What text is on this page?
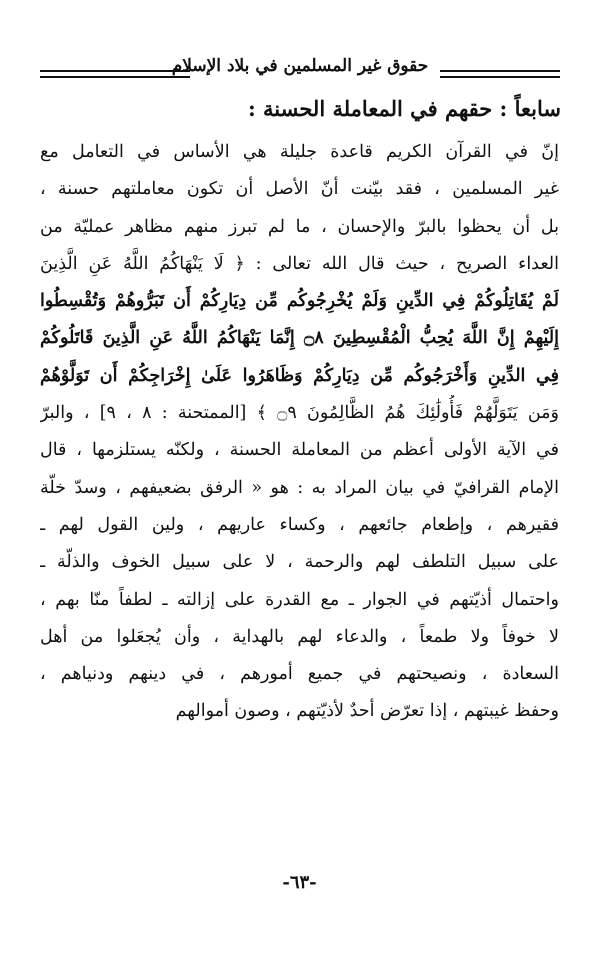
حقوق غير المسلمين في بلاد الإسلام
سابعاً : حقهم في المعاملة الحسنة :
إنّ في القرآن الكريم قاعدة جليلة هي الأساس في التعامل مع
غير المسلمين ، فقد بيّنت أنّ الأصل أن تكون معاملتهم حسنة ،
بل أن يحظوا بالبرّ والإحسان ، ما لم تبرز منهم مظاهر عمليّة من
العداء الصريح ، حيث قال الله تعالى : ﴿ لَا يَنْهَاكُمُ اللَّهُ عَنِ الَّذِينَ
لَمْ يُقَاتِلُوكُمْ فِي الدِّينِ وَلَمْ يُخْرِجُوكُم مِّن دِيَارِكُمْ أَن تَبَرُّوهُمْ وَتُقْسِطُوا
إِلَيْهِمْ إِنَّ اللَّهَ يُحِبُّ الْمُقْسِطِينَ ۝٨ إِنَّمَا يَنْهَاكُمُ اللَّهُ عَنِ الَّذِينَ قَاتَلُوكُمْ
فِي الدِّينِ وَأَخْرَجُوكُم مِّن دِيَارِكُمْ وَظَاهَرُوا عَلَىٰ إِخْرَاجِكُمْ أَن تَوَلَّوْهُمْ
وَمَن يَتَوَلَّهُمْ فَأُولَٰئِكَ هُمُ الظَّالِمُونَ ۝٩ ﴾ [الممتحنة : ٨ ، ٩] ، والبرّ
في الآية الأولى أعظم من المعاملة الحسنة ، ولكنّه يستلزمها ، قال
الإمام القرافيّ في بيان المراد به : هو « الرفق بضعيفهم ، وسدّ خلّة
فقيرهم ، وإطعام جائعهم ، وكساء عاريهم ، ولين القول لهم ـ
على سبيل التلطف لهم والرحمة ، لا على سبيل الخوف والذلّة ـ
واحتمال أذيّتهم في الجوار ـ مع القدرة على إزالته ـ لطفاً منّا بهم ،
لا خوفاً ولا طمعاً ، والدعاء لهم بالهداية ، وأن يُجعَلوا من أهل
السعادة ، ونصيحتهم في جميع أمورهم ، في دينهم ودنياهم ،
وحفظ غيبتهم ، إذا تعرّض أحدٌ لأذيّتهم ، وصون أموالهم
-٦٣-
